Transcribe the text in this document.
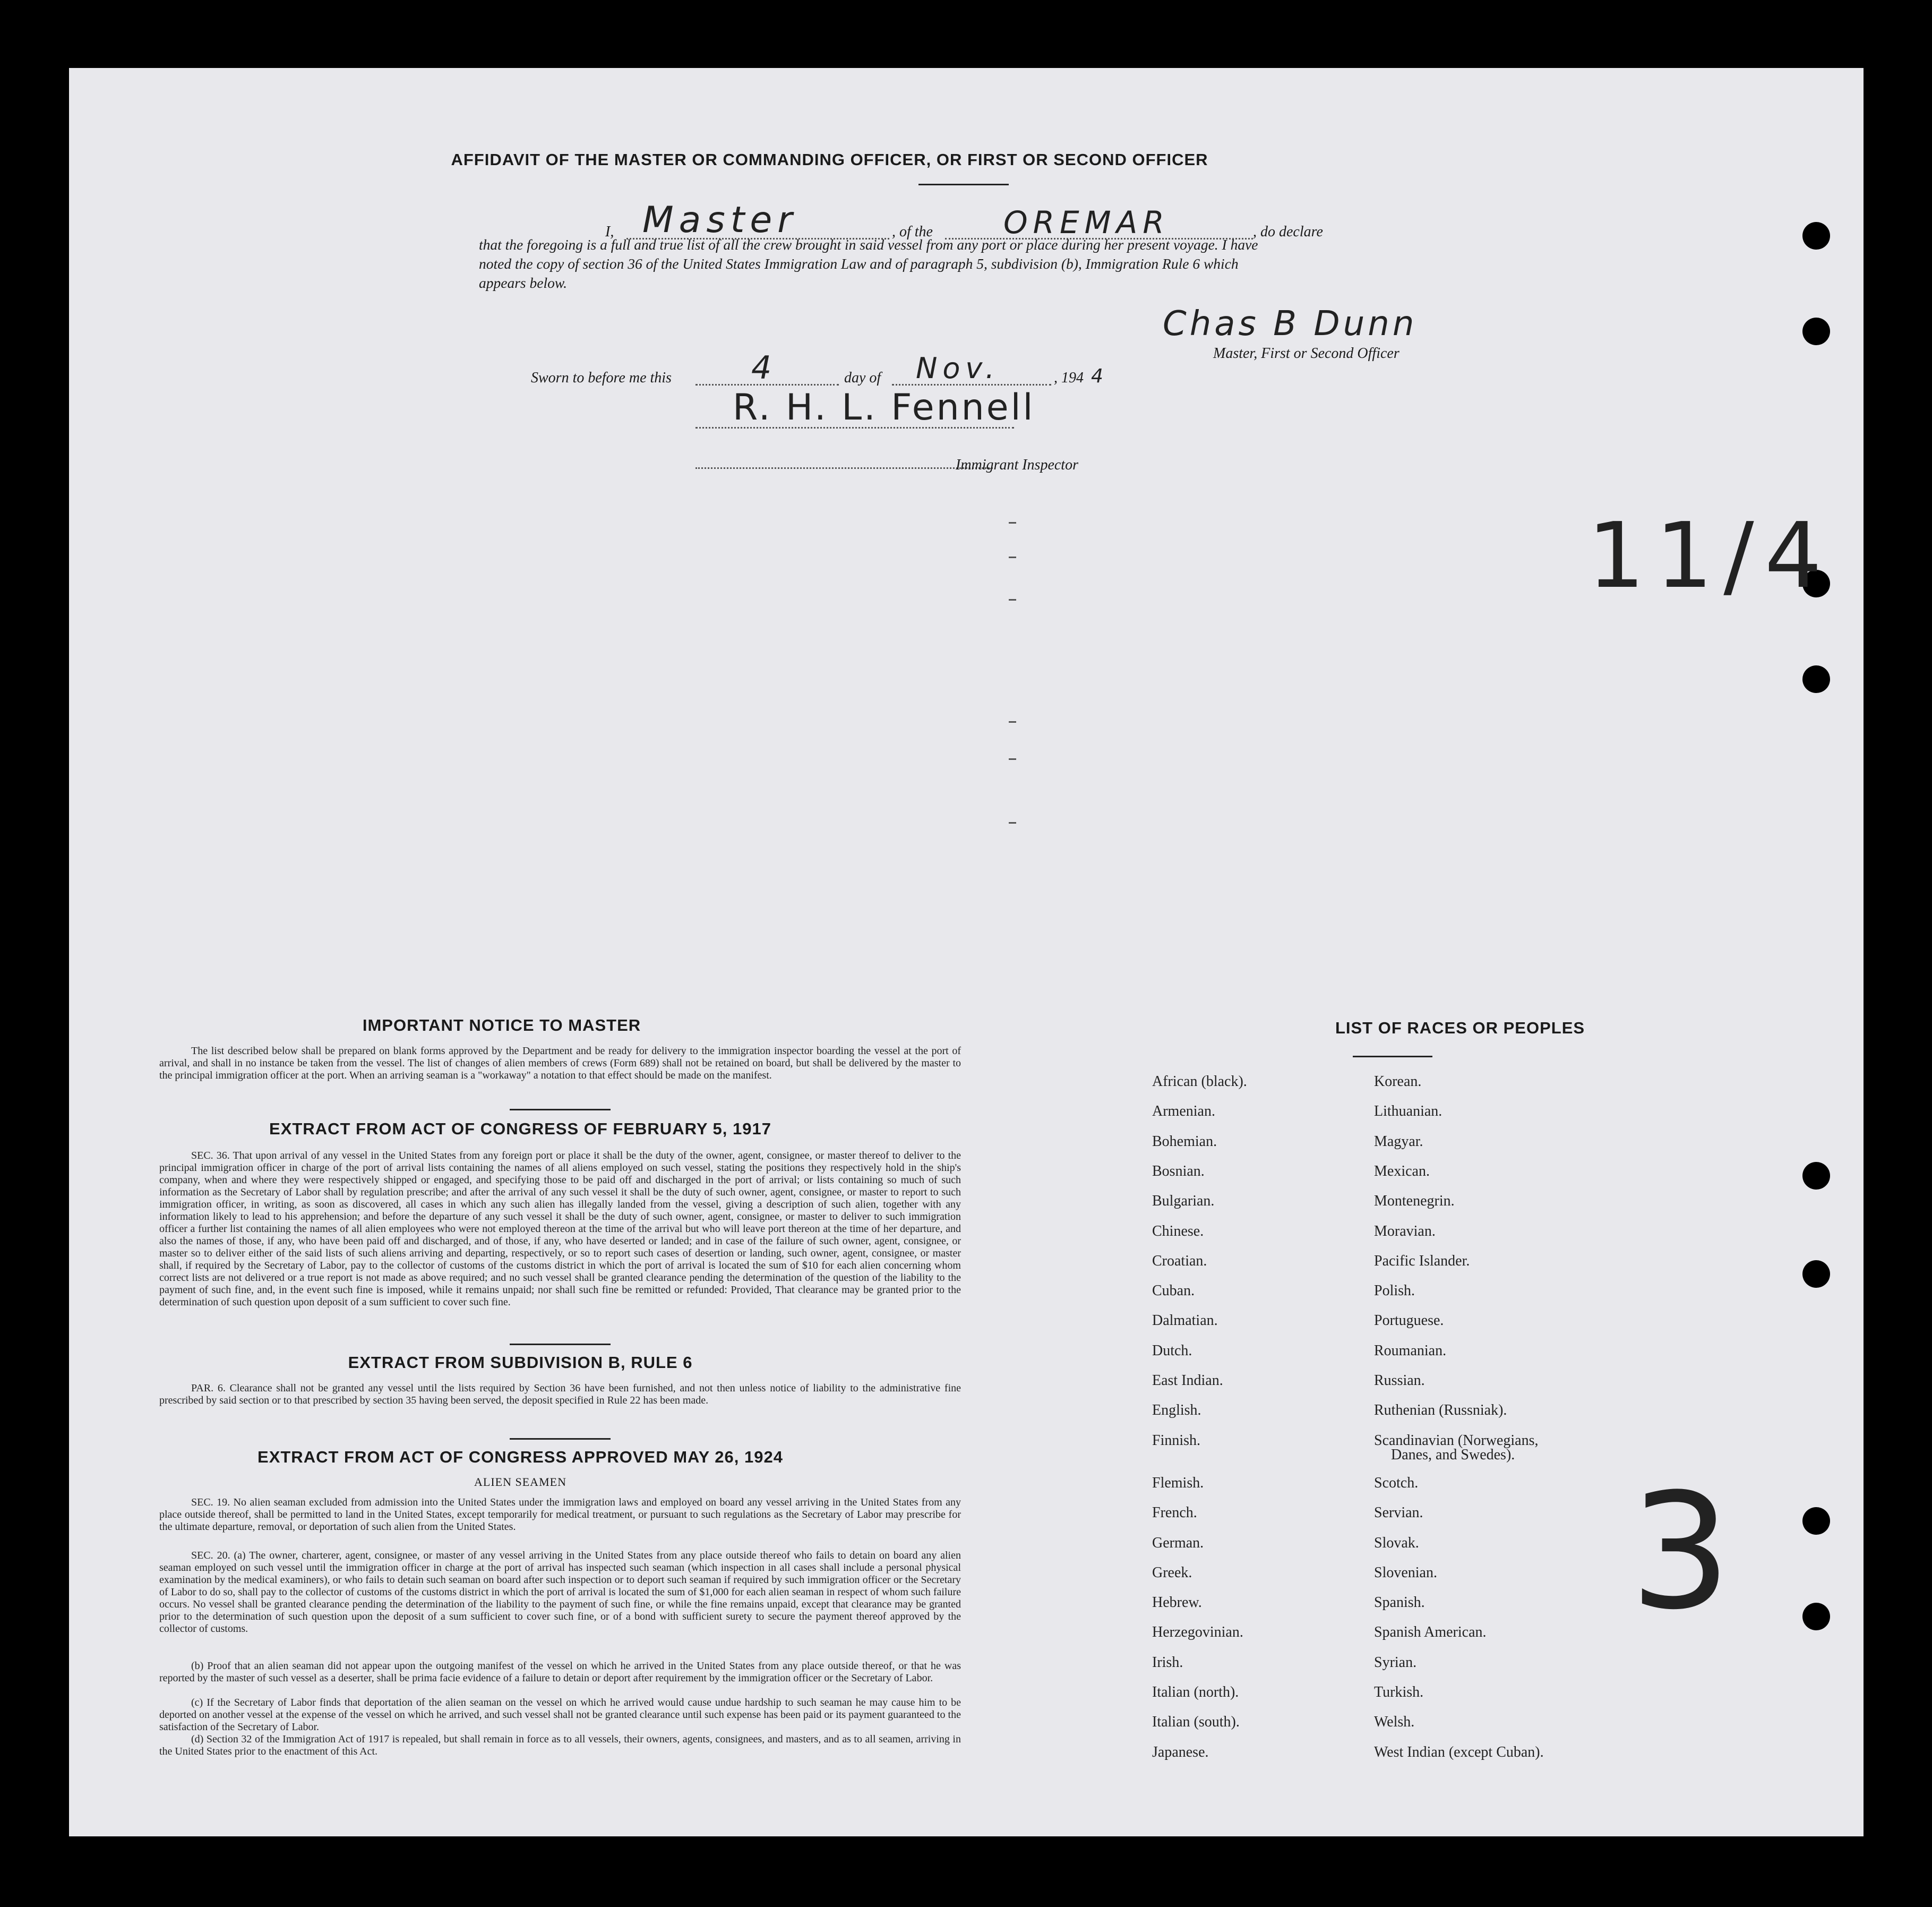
AFFIDAVIT OF THE MASTER OR COMMANDING OFFICER, OR FIRST OR SECOND OFFICER
I, Master	, of the OREMAR	, do declare
that the foregoing is a full and true list of all the crew brought in said vessel from any port or place during her present voyage. I have
noted the copy of section 36 of the United States Immigration Law and of paragraph 5, subdivision (b), Immigration Rule 6 which
appears below.
Chas B Dunn
Master, First or Second Officer
Sworn to before me this	4	day of Nov.	, 194 4
R. H. L. Fennell
Immigrant Inspector
11/4
3
IMPORTANT NOTICE TO MASTER
The list described below shall be prepared on blank forms approved by the Department and be ready for delivery to the immigration inspector boarding the vessel at the port of arrival, and shall in no instance be taken from the vessel. The list of changes of alien members of crews (Form 689) shall not be retained on board, but shall be delivered by the master to the principal immigration officer at the port. When an arriving seaman is a "workaway" a notation to that effect should be made on the manifest.
EXTRACT FROM ACT OF CONGRESS OF FEBRUARY 5, 1917
SEC. 36. That upon arrival of any vessel in the United States from any foreign port or place it shall be the duty of the owner, agent, consignee, or master thereof to deliver to the principal immigration officer in charge of the port of arrival lists containing the names of all aliens employed on such vessel, stating the positions they respectively hold in the ship's company, when and where they were respectively shipped or engaged, and specifying those to be paid off and discharged in the port of arrival; or lists containing so much of such information as the Secretary of Labor shall by regulation prescribe; and after the arrival of any such vessel it shall be the duty of such owner, agent, consignee, or master to report to such immigration officer, in writing, as soon as discovered, all cases in which any such alien has illegally landed from the vessel, giving a description of such alien, together with any information likely to lead to his apprehension; and before the departure of any such vessel it shall be the duty of such owner, agent, consignee, or master to deliver to such immigration officer a further list containing the names of all alien employees who were not employed thereon at the time of the arrival but who will leave port thereon at the time of her departure, and also the names of those, if any, who have been paid off and discharged, and of those, if any, who have deserted or landed; and in case of the failure of such owner, agent, consignee, or master so to deliver either of the said lists of such aliens arriving and departing, respectively, or so to report such cases of desertion or landing, such owner, agent, consignee, or master shall, if required by the Secretary of Labor, pay to the collector of customs of the customs district in which the port of arrival is located the sum of $10 for each alien concerning whom correct lists are not delivered or a true report is not made as above required; and no such vessel shall be granted clearance pending the determination of the question of the liability to the payment of such fine, and, in the event such fine is imposed, while it remains unpaid; nor shall such fine be remitted or refunded: Provided, That clearance may be granted prior to the determination of such question upon deposit of a sum sufficient to cover such fine.
EXTRACT FROM SUBDIVISION B, RULE 6
PAR. 6. Clearance shall not be granted any vessel until the lists required by Section 36 have been furnished, and not then unless notice of liability to the administrative fine prescribed by said section or to that prescribed by section 35 having been served, the deposit specified in Rule 22 has been made.
EXTRACT FROM ACT OF CONGRESS APPROVED MAY 26, 1924
ALIEN SEAMEN
SEC. 19. No alien seaman excluded from admission into the United States under the immigration laws and employed on board any vessel arriving in the United States from any place outside thereof, shall be permitted to land in the United States, except temporarily for medical treatment, or pursuant to such regulations as the Secretary of Labor may prescribe for the ultimate departure, removal, or deportation of such alien from the United States.
SEC. 20. (a) The owner, charterer, agent, consignee, or master of any vessel arriving in the United States from any place outside thereof who fails to detain on board any alien seaman employed on such vessel until the immigration officer in charge at the port of arrival has inspected such seaman (which inspection in all cases shall include a personal physical examination by the medical examiners), or who fails to detain such seaman on board after such inspection or to deport such seaman if required by such immigration officer or the Secretary of Labor to do so, shall pay to the collector of customs of the customs district in which the port of arrival is located the sum of $1,000 for each alien seaman in respect of whom such failure occurs. No vessel shall be granted clearance pending the determination of the liability to the payment of such fine, or while the fine remains unpaid, except that clearance may be granted prior to the determination of such question upon the deposit of a sum sufficient to cover such fine, or of a bond with sufficient surety to secure the payment thereof approved by the collector of customs.
(b) Proof that an alien seaman did not appear upon the outgoing manifest of the vessel on which he arrived in the United States from any place outside thereof, or that he was reported by the master of such vessel as a deserter, shall be prima facie evidence of a failure to detain or deport after requirement by the immigration officer or the Secretary of Labor.
(c) If the Secretary of Labor finds that deportation of the alien seaman on the vessel on which he arrived would cause undue hardship to such seaman he may cause him to be deported on another vessel at the expense of the vessel on which he arrived, and such vessel shall not be granted clearance until such expense has been paid or its payment guaranteed to the satisfaction of the Secretary of Labor.
(d) Section 32 of the Immigration Act of 1917 is repealed, but shall remain in force as to all vessels, their owners, agents, consignees, and masters, and as to all seamen, arriving in the United States prior to the enactment of this Act.
LIST OF RACES OR PEOPLES
African (black).
Armenian.
Bohemian.
Bosnian.
Bulgarian.
Chinese.
Croatian.
Cuban.
Dalmatian.
Dutch.
East Indian.
English.
Finnish.
Flemish.
French.
German.
Greek.
Hebrew.
Herzegovinian.
Irish.
Italian (north).
Italian (south).
Japanese.
Korean.
Lithuanian.
Magyar.
Mexican.
Montenegrin.
Moravian.
Pacific Islander.
Polish.
Portuguese.
Roumanian.
Russian.
Ruthenian (Russniak).
Scandinavian (Norwegians,
Danes, and Swedes).
Scotch.
Servian.
Slovak.
Slovenian.
Spanish.
Spanish American.
Syrian.
Turkish.
Welsh.
West Indian (except Cuban).
